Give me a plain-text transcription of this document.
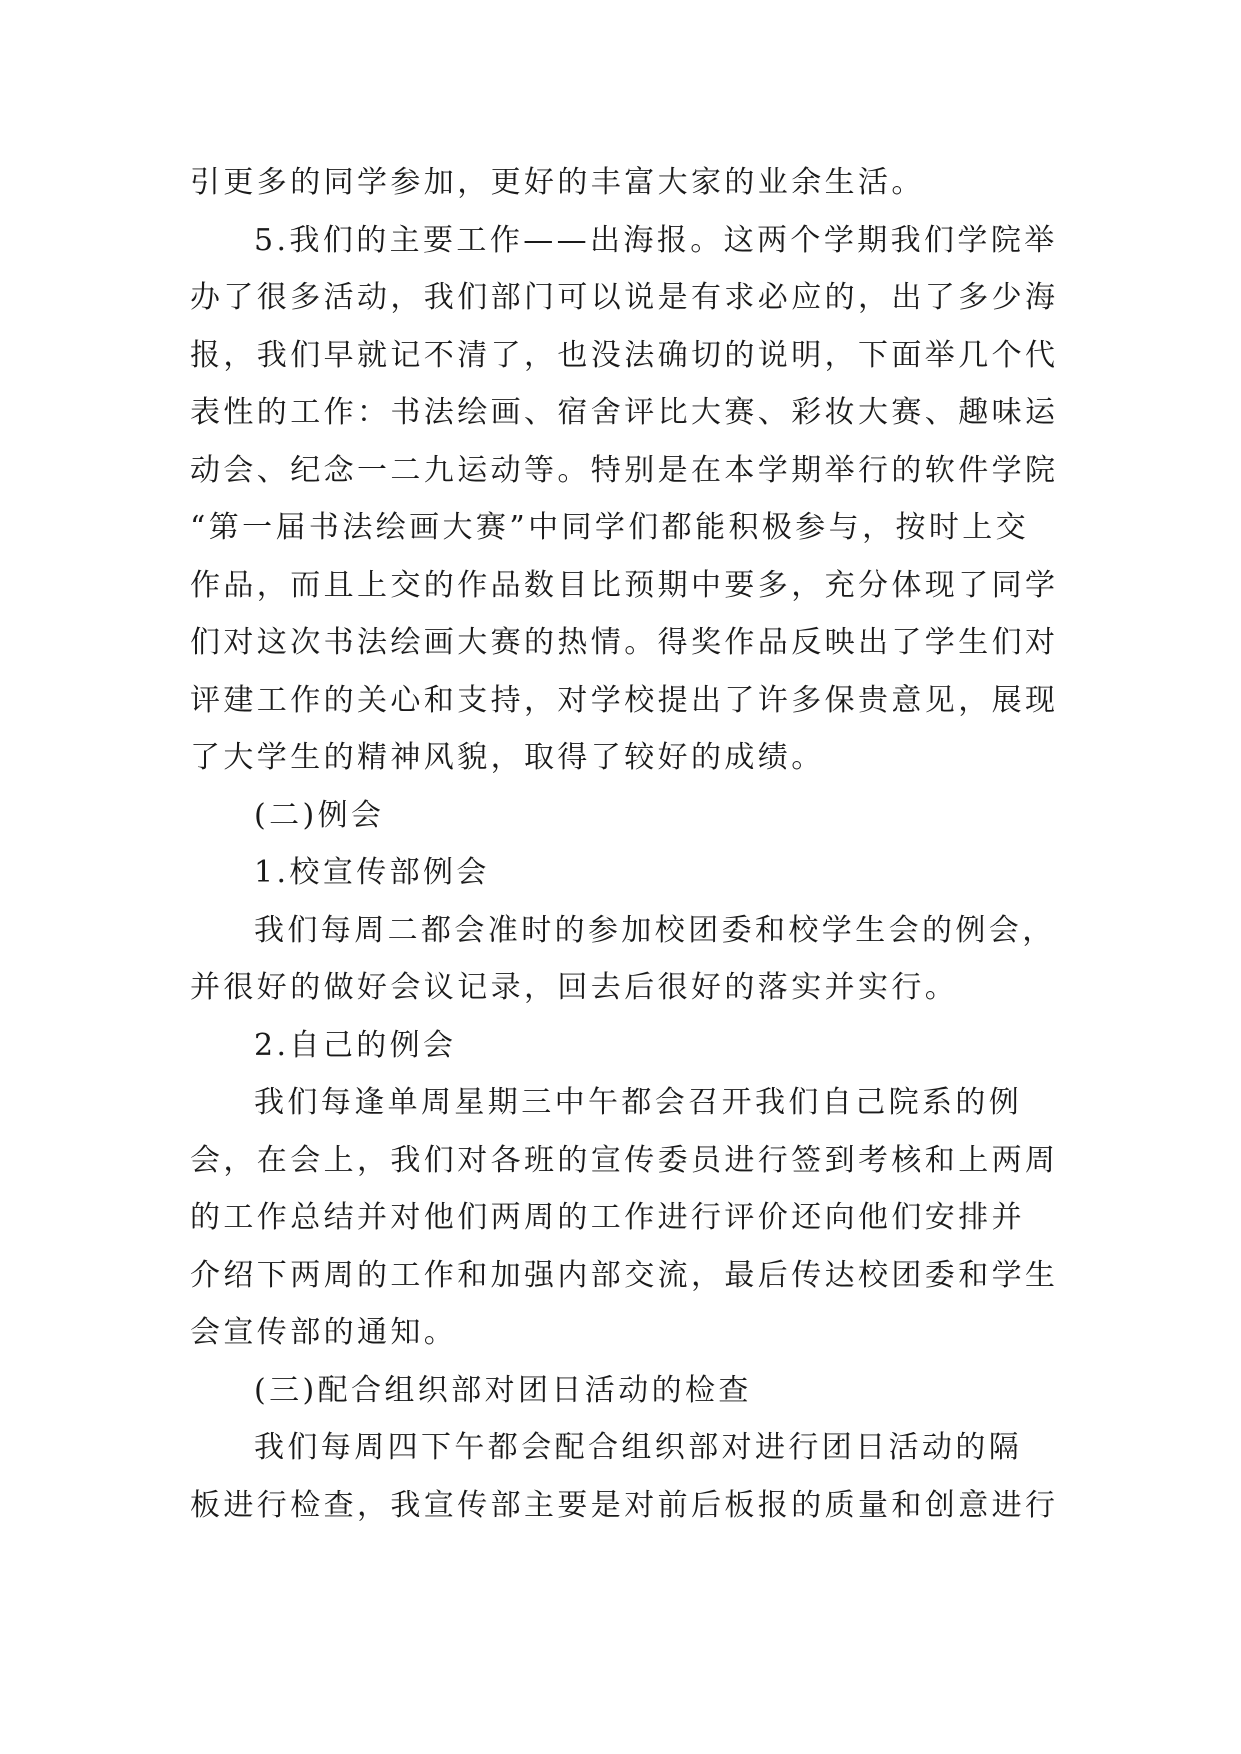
引更多的同学参加，更好的丰富大家的业余生活。
5.我们的主要工作——出海报。这两个学期我们学院举
办了很多活动，我们部门可以说是有求必应的，出了多少海
报，我们早就记不清了，也没法确切的说明，下面举几个代
表性的工作：书法绘画、宿舍评比大赛、彩妆大赛、趣味运
动会、纪念一二九运动等。特别是在本学期举行的软件学院
“第一届书法绘画大赛”中同学们都能积极参与，按时上交
作品，而且上交的作品数目比预期中要多，充分体现了同学
们对这次书法绘画大赛的热情。得奖作品反映出了学生们对
评建工作的关心和支持，对学校提出了许多保贵意见，展现
了大学生的精神风貌，取得了较好的成绩。
(二)例会
1.校宣传部例会
我们每周二都会准时的参加校团委和校学生会的例会，
并很好的做好会议记录，回去后很好的落实并实行。
2.自己的例会
我们每逢单周星期三中午都会召开我们自己院系的例
会，在会上，我们对各班的宣传委员进行签到考核和上两周
的工作总结并对他们两周的工作进行评价还向他们安排并
介绍下两周的工作和加强内部交流，最后传达校团委和学生
会宣传部的通知。
(三)配合组织部对团日活动的检查
我们每周四下午都会配合组织部对进行团日活动的隔
板进行检查，我宣传部主要是对前后板报的质量和创意进行
